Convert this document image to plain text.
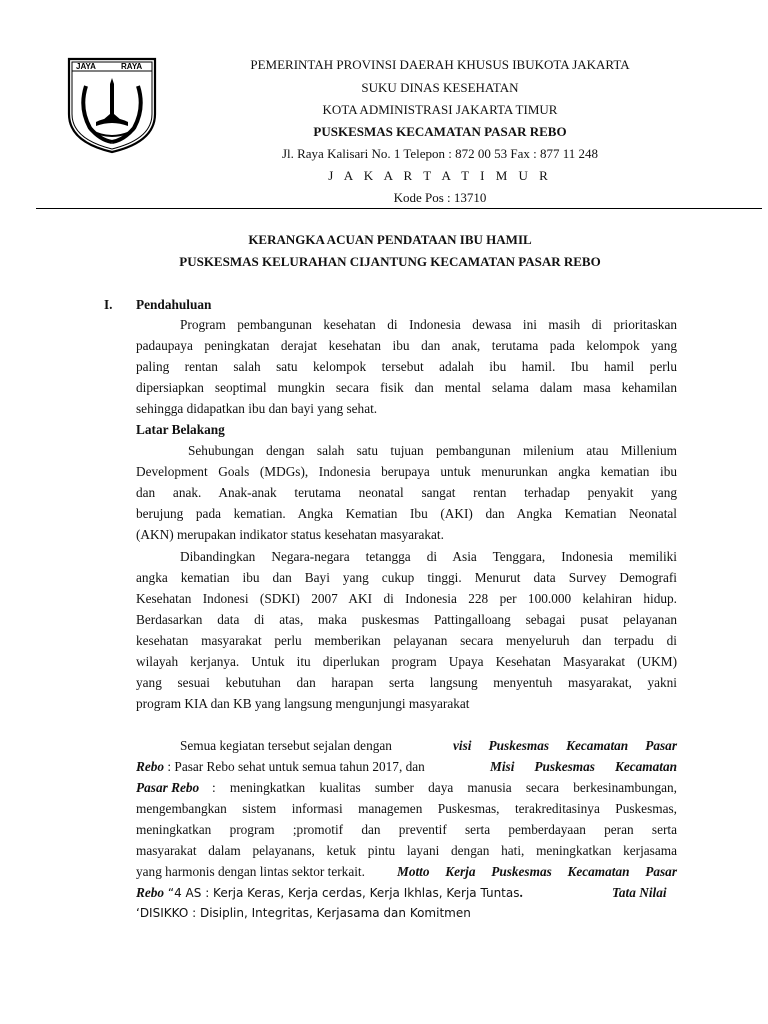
JAYA	RAYA	PEMERINTAH PROVINSI DAERAH KHUSUS IBUKOTA JAKARTA
SUKU DINAS KESEHATAN
KOTA ADMINISTRASI JAKARTA TIMUR
PUSKESMAS KECAMATAN PASAR REBO
Jl. Raya Kalisari No. 1 Telepon : 872 00 53 Fax : 877 11 248
J A K A R T A T I M U R
Kode Pos : 13710
KERANGKA ACUAN PENDATAAN IBU HAMIL
PUSKESMAS KELURAHAN CIJANTUNG KECAMATAN PASAR REBO
I. Pendahuluan
Program pembangunan kesehatan di Indonesia dewasa ini masih di prioritaskan
padaupaya peningkatan derajat kesehatan ibu dan anak, terutama pada kelompok yang
paling rentan salah satu kelompok tersebut adalah ibu hamil. Ibu hamil perlu
dipersiapkan seoptimal mungkin secara fisik dan mental selama dalam masa kehamilan
sehingga didapatkan ibu dan bayi yang sehat.
Latar Belakang
Sehubungan dengan salah satu tujuan pembangunan milenium atau Millenium
Development Goals (MDGs), Indonesia berupaya untuk menurunkan angka kematian ibu
dan anak. Anak-anak terutama neonatal sangat rentan terhadap penyakit yang
berujung pada kematian. Angka Kematian Ibu (AKI) dan Angka Kematian Neonatal
(AKN) merupakan indikator status kesehatan masyarakat.
Dibandingkan Negara-negara tetangga di Asia Tenggara, Indonesia memiliki
angka kematian ibu dan Bayi yang cukup tinggi. Menurut data Survey Demografi
Kesehatan Indonesi (SDKI) 2007 AKI di Indonesia 228 per 100.000 kelahiran hidup.
Berdasarkan data di atas, maka puskesmas Pattingalloang sebagai pusat pelayanan
kesehatan masyarakat perlu memberikan pelayanan secara menyeluruh dan terpadu di
wilayah kerjanya. Untuk itu diperlukan program Upaya Kesehatan Masyarakat (UKM)
yang sesuai kebutuhan dan harapan serta langsung menyentuh masyarakat, yakni
program KIA dan KB yang langsung mengunjungi masyarakat
Semua kegiatan tersebut sejalan dengan	visi Puskesmas Kecamatan Pasar
Rebo : Pasar Rebo sehat untuk semua tahun 2017, dan	Misi Puskesmas Kecamatan
Pasar Rebo : meningkatkan kualitas sumber daya manusia secara berkesinambungan,
mengembangkan sistem informasi managemen Puskesmas, terakreditasinya Puskesmas,
meningkatkan program ;promotif dan preventif serta pemberdayaan peran serta
masyarakat dalam pelayanans, ketuk pintu layani dengan hati, meningkatkan kerjasama
yang harmonis dengan lintas sektor terkait. Motto Kerja Puskesmas Kecamatan Pasar
Rebo “4 AS : Kerja Keras, Kerja cerdas, Kerja Ikhlas, Kerja Tuntas.	Tata Nilai
‘DISIKKO : Disiplin, Integritas, Kerjasama dan Komitmen
